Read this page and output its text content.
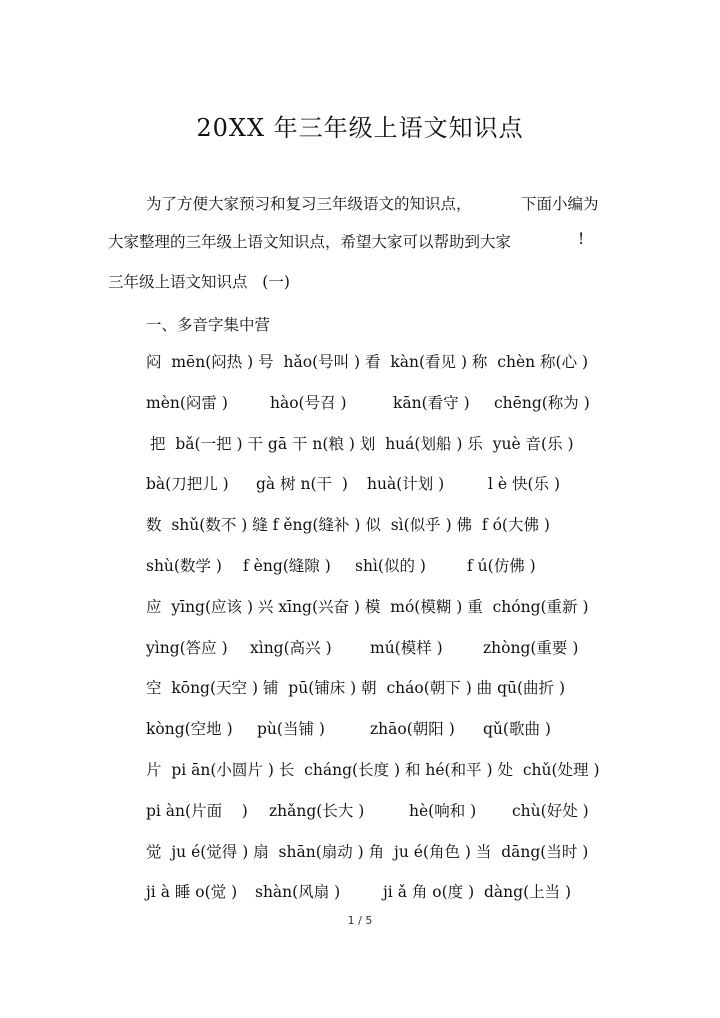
20XX 年三年级上语文知识点
为了方便大家预习和复习三年级语文的知识点，	下面小编为
大家整理的三年级上语文知识点，希望大家可以帮助到大家	!
三年级上语文知识点   (一)
一、多音字集中营
闷  mēn(闷热 ) 号  hǎo(号叫 ) 看  kàn(看见 ) 称  chèn 称(心 )
mèn(闷雷 )	hào(号召 )	kān(看守 ) chēng(称为 )
把  bǎ(一把 ) 干 gā 干 n(粮 ) 划  huá(划船 ) 乐  yuè 音(乐 )
bà(刀把儿 ) gà 树 n(干  ) huà(计划 )	l è 快(乐 )
数  shǔ(数不 ) 缝 f ěng(缝补 ) 似  sì(似乎 ) 佛  f ó(大佛 )
shù(数学 ) f èng(缝隙 ) shì(似的 )	f ú(仿佛 )
应  yīng(应该 ) 兴 xīng(兴奋 ) 模  mó(模糊 ) 重  chóng(重新 )
yìng(答应 ) xìng(高兴 ) mú(模样 )	zhòng(重要 )
空  kōng(天空 ) 铺  pū(铺床 ) 朝  cháo(朝下 ) 曲 qū(曲折 )
kòng(空地 ) pù(当铺 )	zhāo(朝阳 ) qǔ(歌曲 )
片  pi ān(小圆片 ) 长  cháng(长度 ) 和 hé(和平 ) 处  chǔ(处理 )
pi àn(片面    ) zhǎng(长大 )	hè(响和 ) chù(好处 )
觉  ju é(觉得 ) 扇  shān(扇动 ) 角  ju é(角色 ) 当  dāng(当时 )
ji à 睡 o(觉 ) shàn(风扇 )	ji ǎ 角 o(度 ) dàng(上当 )
1 / 5
